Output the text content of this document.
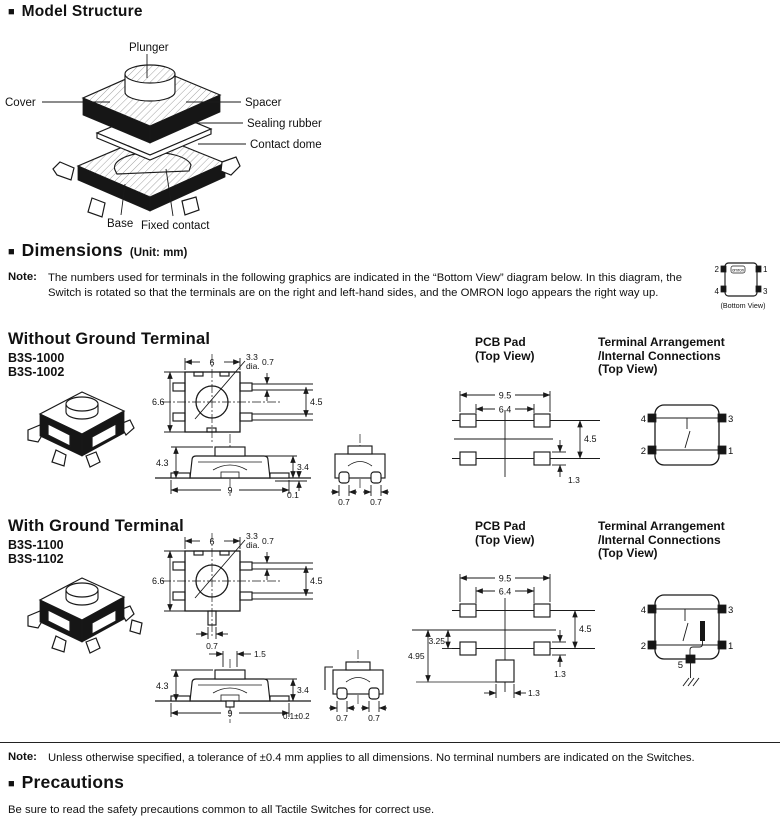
■ Model Structure
Plunger
Cover	Spacer
Sealing rubber
Contact dome
Base Fixed contact
■ Dimensions (Unit: mm)
Note: The numbers used for terminals in the following graphics are indicated in the “Bottom View” diagram below. In this diagram, the Switch is rotated so that the terminals are on the right and left-hand sides, and the OMRON logo appears the right way up.
omron
2	1
4	3
(Bottom View)
Without Ground Terminal
B3S-1000
B3S-1002
6
3.3
dia. 0.7
6.6	4.5
4.3
9
3.4
0.1
0.7 0.7
PCB Pad
(Top View)
9.5
6.4
4.5
1.3
Terminal Arrangement
/Internal Connections
(Top View)
4	3
2	1
With Ground Terminal
B3S-1100
B3S-1102
6
3.3
dia. 0.7
6.6	4.5
0.7
1.5
4.3
9
3.4
0.1±0.2	0.7 0.7
PCB Pad
(Top View)
9.5
6.4
4.5
1.3
3.25
4.95
1.3
Terminal Arrangement
/Internal Connections
(Top View)
4	3
2	1
5
Note: Unless otherwise specified, a tolerance of ±0.4 mm applies to all dimensions. No terminal numbers are indicated on the Switches.
■ Precautions
Be sure to read the safety precautions common to all Tactile Switches for correct use.
